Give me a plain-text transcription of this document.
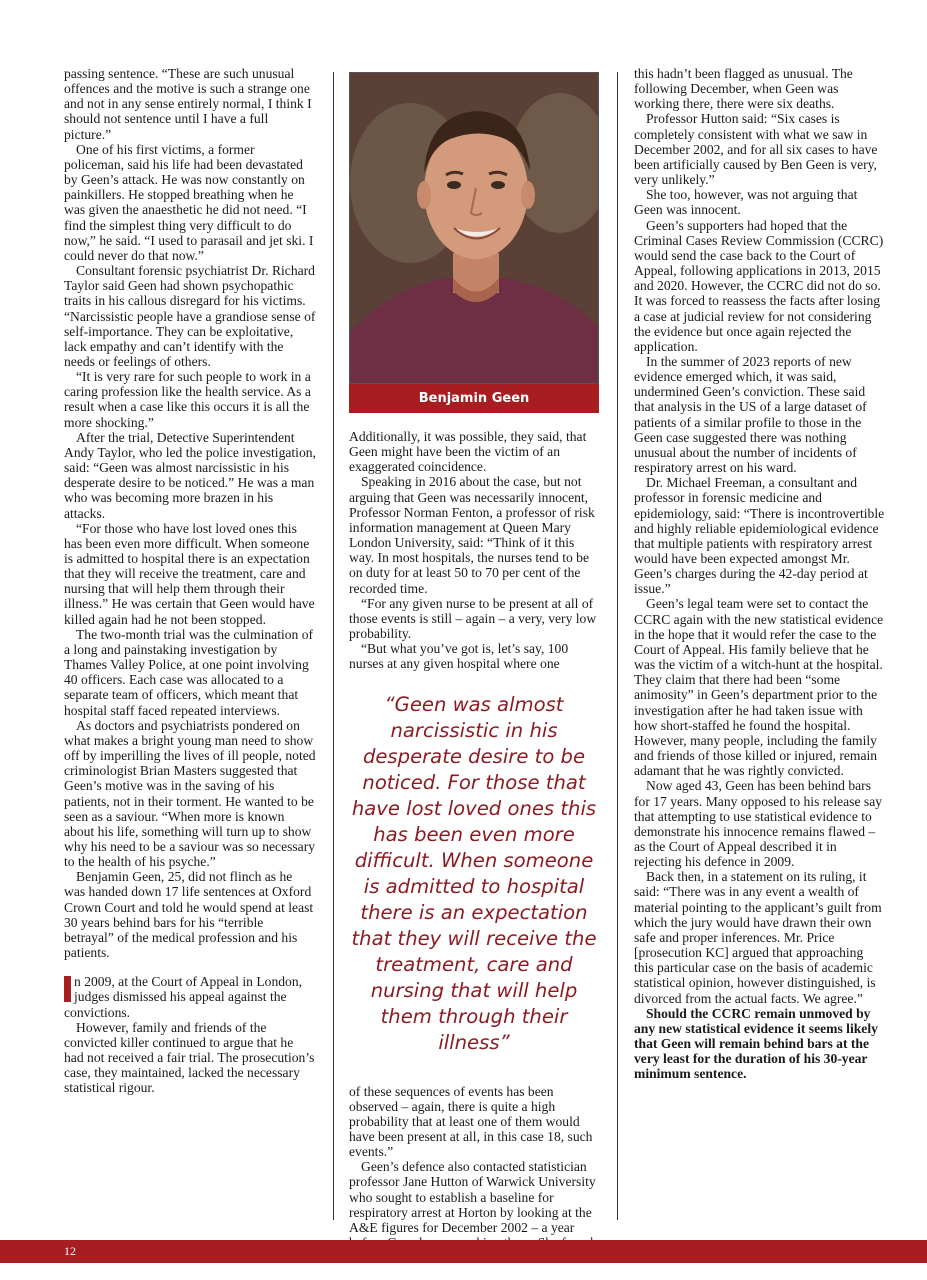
passing sentence. “These are such unusual offences and the motive is such a strange one and not in any sense entirely normal, I think I should not sentence until I have a full picture.”

One of his first victims, a former policeman, said his life had been devastated by Geen’s attack. He was now constantly on painkillers. He stopped breathing when he was given the anaesthetic he did not need. “I find the simplest thing very difficult to do now,” he said. “I used to parasail and jet ski. I could never do that now.”

Consultant forensic psychiatrist Dr. Richard Taylor said Geen had shown psychopathic traits in his callous disregard for his victims. “Narcissistic people have a grandiose sense of self-importance. They can be exploitative, lack empathy and can’t identify with the needs or feelings of others.

“It is very rare for such people to work in a caring profession like the health service. As a result when a case like this occurs it is all the more shocking.”

After the trial, Detective Superintendent Andy Taylor, who led the police investigation, said: “Geen was almost narcissistic in his desperate desire to be noticed.” He was a man who was becoming more brazen in his attacks.

“For those who have lost loved ones this has been even more difficult. When someone is admitted to hospital there is an expectation that they will receive the treatment, care and nursing that will help them through their illness.” He was certain that Geen would have killed again had he not been stopped.

The two-month trial was the culmination of a long and painstaking investigation by Thames Valley Police, at one point involving 40 officers. Each case was allocated to a separate team of officers, which meant that hospital staff faced repeated interviews.

As doctors and psychiatrists pondered on what makes a bright young man need to show off by imperilling the lives of ill people, noted criminologist Brian Masters suggested that Geen’s motive was in the saving of his patients, not in their torment. He wanted to be seen as a saviour. “When more is known about his life, something will turn up to show why his need to be a saviour was so necessary to the health of his psyche.”

Benjamin Geen, 25, did not flinch as he was handed down 17 life sentences at Oxford Crown Court and told he would spend at least 30 years behind bars for his “terrible betrayal” of the medical profession and his patients.

n 2009, at the Court of Appeal in London, judges dismissed his appeal against the convictions.

However, family and friends of the convicted killer continued to argue that he had not received a fair trial. The prosecution’s case, they maintained, lacked the necessary statistical rigour.

Benjamin Geen

Additionally, it was possible, they said, that Geen might have been the victim of an exaggerated coincidence.

Speaking in 2016 about the case, but not arguing that Geen was necessarily innocent, Professor Norman Fenton, a professor of risk information management at Queen Mary London University, said: “Think of it this way. In most hospitals, the nurses tend to be on duty for at least 50 to 70 per cent of the recorded time.

“For any given nurse to be present at all of those events is still – again – a very, very low probability.

“But what you’ve got is, let’s say, 100 nurses at any given hospital where one

“Geen was almost narcissistic in his desperate desire to be noticed. For those that have lost loved ones this has been even more difficult. When someone is admitted to hospital there is an expectation that they will receive the treatment, care and nursing that will help them through their illness”

of these sequences of events has been observed – again, there is quite a high probability that at least one of them would have been present at all, in this case 18, such events.”

Geen’s defence also contacted statistician professor Jane Hutton of Warwick University who sought to establish a baseline for respiratory arrest at Horton by looking at the A&E figures for December 2002 – a year

this hadn’t been flagged as unusual. The following December, when Geen was working there, there were six deaths.

Professor Hutton said: “Six cases is completely consistent with what we saw in December 2002, and for all six cases to have been artificially caused by Ben Geen is very, very unlikely.”

She too, however, was not arguing that Geen was innocent.

Geen’s supporters had hoped that the Criminal Cases Review Commission (CCRC) would send the case back to the Court of Appeal, following applications in 2013, 2015 and 2020. However, the CCRC did not do so. It was forced to reassess the facts after losing a case at judicial review for not considering the evidence but once again rejected the application.

In the summer of 2023 reports of new evidence emerged which, it was said, undermined Geen’s conviction. These said that analysis in the US of a large dataset of patients of a similar profile to those in the Geen case suggested there was nothing unusual about the number of incidents of respiratory arrest on his ward.

Dr. Michael Freeman, a consultant and professor in forensic medicine and epidemiology, said: “There is incontrovertible and highly reliable epidemiological evidence that multiple patients with respiratory arrest would have been expected amongst Mr. Geen’s charges during the 42-day period at issue.”

Geen’s legal team were set to contact the CCRC again with the new statistical evidence in the hope that it would refer the case to the Court of Appeal. His family believe that he was the victim of a witch-hunt at the hospital. They claim that there had been “some animosity” in Geen’s department prior to the investigation after he had taken issue with how short-staffed he found the hospital. However, many people, including the family and friends of those killed or injured, remain adamant that he was rightly convicted.

Now aged 43, Geen has been behind bars for 17 years. Many opposed to his release say that attempting to use statistical evidence to demonstrate his innocence remains flawed – as the Court of Appeal described it in rejecting his defence in 2009.

Back then, in a statement on its ruling, it said: “There was in any event a wealth of material pointing to the applicant’s guilt from which the jury would have drawn their own safe and proper inferences. Mr. Price [prosecution KC] argued that approaching this particular case on the basis of academic statistical opinion, however distinguished, is divorced from the actual facts. We agree.”

Should the CCRC remain unmoved by any new statistical evidence it seems likely that Geen will remain behind bars at the very least for the duration of his 30-year minimum sentence.

12
